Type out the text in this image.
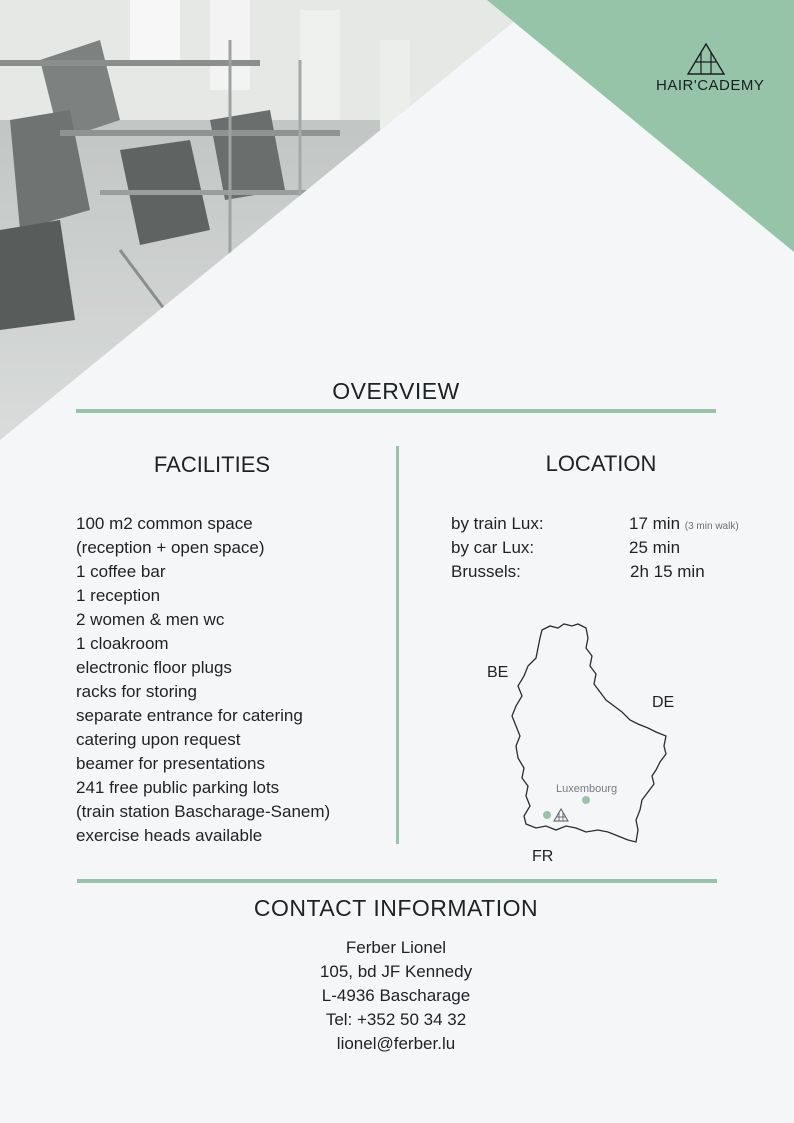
HAIR'CADEMY
OVERVIEW
FACILITIES
100 m2 common space
(reception + open space)
1 coffee bar
1 reception
2 women & men wc
1 cloakroom
electronic floor plugs
racks for storing
separate entrance for catering
catering upon request
beamer for presentations
241 free public parking lots
(train station Bascharage-Sanem)
exercise heads available
LOCATION
by train Lux:	17 min (3 min walk)
by car Lux:	25 min
Brussels:	2h 15 min
Luxembourg
BE
DE
FR
CONTACT INFORMATION
Ferber Lionel
105, bd JF Kennedy
L-4936 Bascharage
Tel: +352 50 34 32
lionel@ferber.lu
